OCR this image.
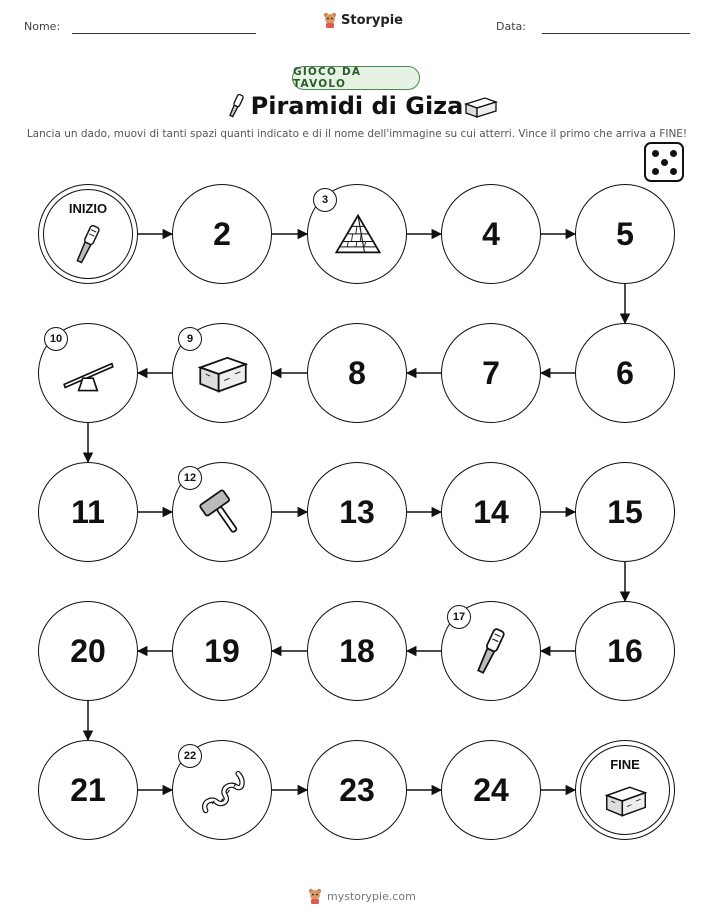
Nome:	Storypie	Data:
GIOCO DA TAVOLO
Piramidi di Giza
Lancia un dado, muovi di tanti spazi quanti indicato e di il nome dell'immagine su cui atterri. Vince il primo che arriva a FINE!
INIZIO
2
3
4	5
6
7
8
9
10
11
12
13	14	15
16
17
18
19
20
21
22
23	24
FINE
mystorypie.com
